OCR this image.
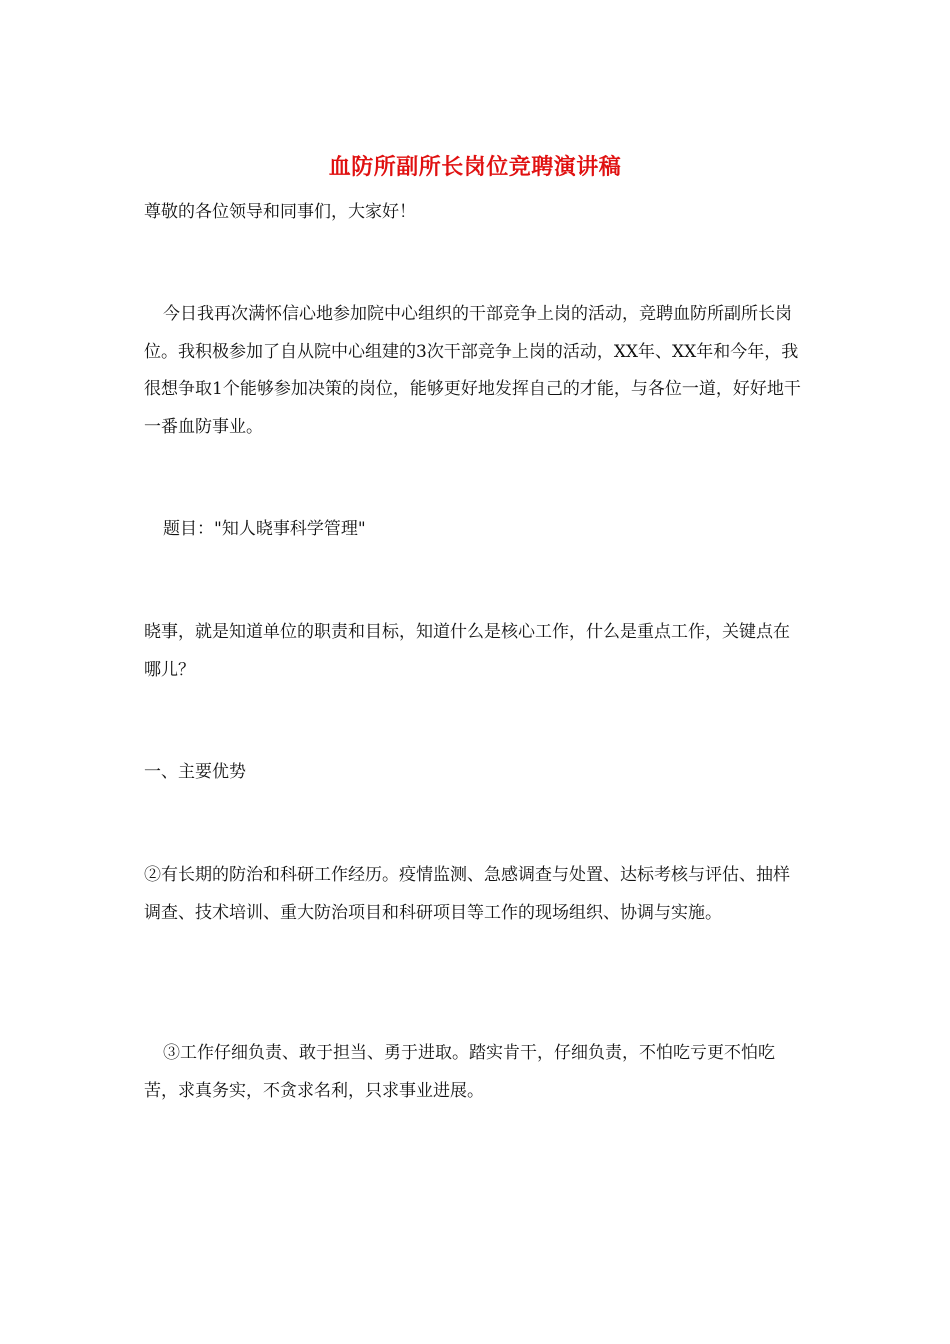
血防所副所长岗位竞聘演讲稿

尊敬的各位领导和同事们，大家好！

今日我再次满怀信心地参加院中心组织的干部竞争上岗的活动，竞聘血防所副所长岗位。我积极参加了自从院中心组建的3次干部竞争上岗的活动，XX年、XX年和今年，我很想争取1个能够参加决策的岗位，能够更好地发挥自己的才能，与各位一道，好好地干一番血防事业。

题目："知人晓事科学管理"

晓事，就是知道单位的职责和目标，知道什么是核心工作，什么是重点工作，关键点在哪儿？

一、主要优势

②有长期的防治和科研工作经历。疫情监测、急感调查与处置、达标考核与评估、抽样调查、技术培训、重大防治项目和科研项目等工作的现场组织、协调与实施。

③工作仔细负责、敢于担当、勇于进取。踏实肯干，仔细负责，不怕吃亏更不怕吃苦，求真务实，不贪求名利，只求事业进展。
